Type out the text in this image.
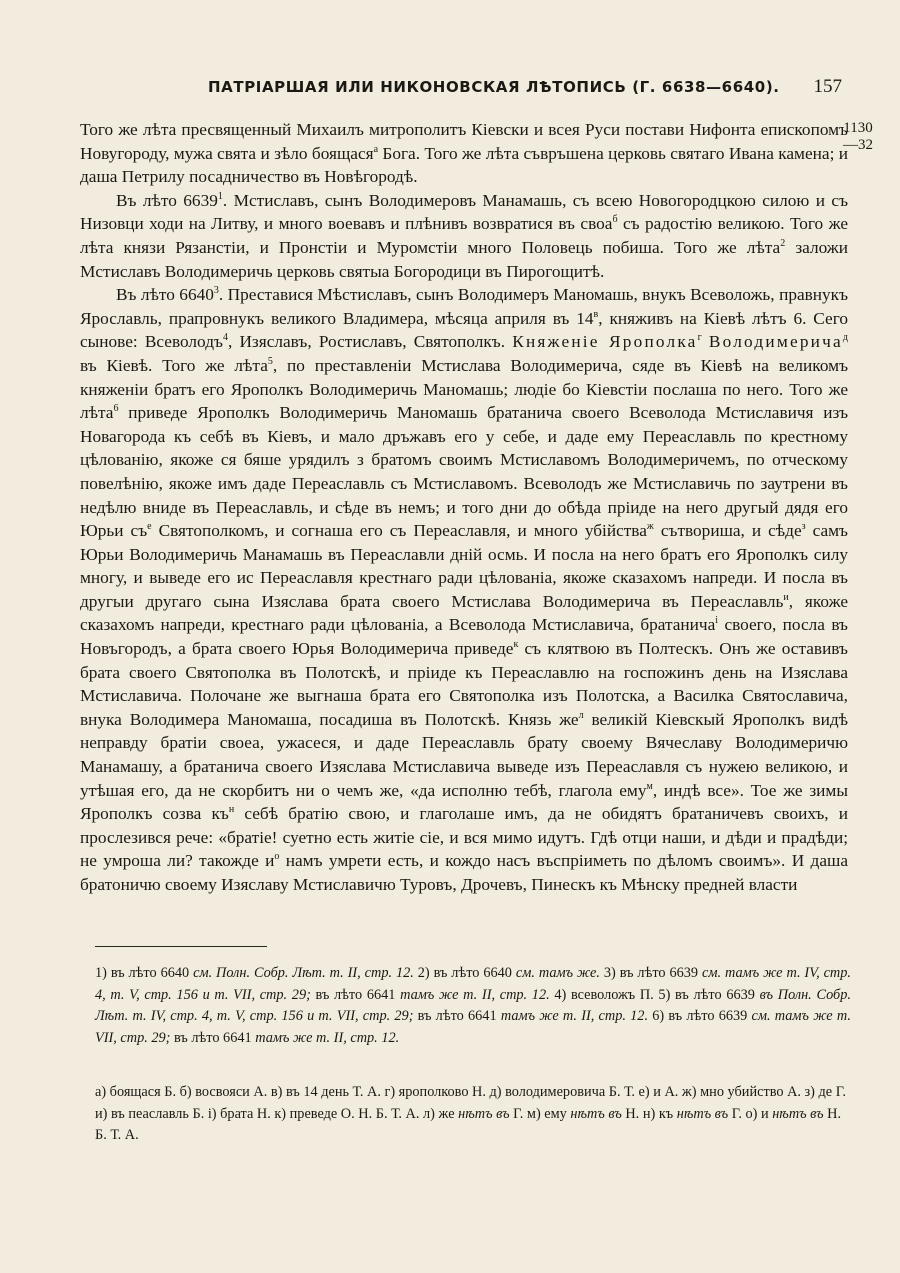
ПАТРІАРШАЯ ИЛИ НИКОНОВСКАЯ ЛѢТОПИСЬ (Г. 6638—6640). 157
1130
—32

Того же лѣта пресвященный Михаилъ митрополитъ Кіевски и всея Руси постави Нифонта епископомъ Новугороду, мужа свята и зѣло боящася$^а$ Бога. Того же лѣта съвръшена церковь святаго Ивана камена; и даша Петрилу посадничество въ Новѣгородѣ.

Въ лѣто 6639$^1$. Мстиславъ, сынъ Володимеровъ Манамашь, съ всею Новогородцкою силою и съ Низовци ходи на Литву, и много воевавъ и плѣнивъ возвратися въ своа$^б$ съ радостію великою. Того же лѣта князи Рязанстіи, и Пронстіи и Муромстіи много Половець побиша. Того же лѣта$^2$ заложи Мстиславъ Володимеричь церковь святыа Богородици въ Пирогощитѣ.

Въ лѣто 6640$^3$. Преставися Мѣстиславъ, сынъ Володимеръ Маномашь, внукъ Всеволожь, правнукъ Ярославль, прапровнукъ великого Владимера, мѣсяца априля въ $14^в$, княживъ на Кіевѣ лѣтъ 6. Сего сынове: Всеволодъ$^4$, Изяславъ, Ростиславъ, Святополкъ. Княженіе Ярополка$^г$ Володимерича$^д$ въ Кіевѣ. Того же лѣта$^5$, по преставленіи Мстислава Володимерича, сяде въ Кіевѣ на великомъ княженіи братъ его Ярополкъ Володимеричь Маномашь; людіе бо Кіевстіи послаша по него. Того же лѣта$^6$ приведе Ярополкъ Володимеричь Маномашь братанича своего Всеволода Мстиславичя изъ Новагорода къ себѣ въ Кіевъ, и мало дръжавъ его у себе, и даде ему Переаславль по крестному цѣлованію, якоже ся бяше урядилъ з братомъ своимъ Мстиславомъ Володимеричемъ, по отческому повелѣнію, якоже имъ даде Переаславль съ Мстиславомъ. Всеволодъ же Мстиславичь по заутрени въ недѣлю вниде въ Переаславль, и сѣде въ немъ; и того дни до обѣда пріиде на него другый дядя его Юрьи $съ^е$ Святополкомъ, и согнаша его съ Переаславля, и много убійства$^ж$ сътвориша, и сѣде$^з$ самъ Юрьи Володимеричь Манамашь въ Переаславли днiй осмь. И посла на него братъ его Ярополкъ силу многу, и выведе его ис Переаславля крестнаго ради цѣлованіа, якоже сказахомъ напреди. И посла въ другыи другаго сына Изяслава брата своего Мстислава Володимерича въ Переаславль$^и$, якоже сказахомъ напреди, крестнаго ради цѣлованіа, а Всеволода Мстиславича, братанича$^і$ своего, посла въ Новъгородъ, а брата своего Юрья Володимерича приведе$^к$ съ клятвою въ Полтескъ. Онъ же оставивъ брата своего Святополка въ Полотскѣ, и пріиде къ Переаславлю на госпожинъ день на Изяслава Мстиславича. Полочане же выгнаша брата его Святополка изъ Полотска, а Василка Святославича, внука Володимера Маномаша, посадиша въ Полотскѣ. Князь $же^л$ великій Кіевскый Ярополкъ видѣ неправду братіи своеа, ужасеся, и даде Переаславль брату своему Вячеславу Володимеричю Манамашу, а братанича своего Изяслава Мстиславича выведе изъ Переаславля съ нужею великою, и утѣшая его, да не скорбитъ ни о чемъ же, «да исполню тебѣ, глагола ему$^м$, индѣ все». Тое же зимы Ярополкъ созва $къ^н$ себѣ братію свою, и глаголаше имъ, да не обидятъ братаничевъ своихъ, и прослезився рече: «братіе! суетно есть житіе сіе, и вся мимо идутъ. Гдѣ отци наши, и дѣди и прадѣди; не умроша ли? такожде $и^о$ намъ умрети есть, и кождо насъ въспріиметь по дѣломъ своимъ». И даша братоничю своему Изяславу Мстиславичю Туровъ, Дрочевъ, Пинескъ къ Мѣнску предней власти

1) въ лѣто 6640 см. Полн. Собр. Лѣт. т. II, стр. 12. 2) въ лѣто 6640 см. тамъ же. 3) въ лѣто 6639 см. тамъ же т. IV, стр. 4, т. V, стр. 156 и т. VII, стр. 29; въ лѣто 6641 тамъ же т. II, стр. 12. 4) всеволожъ П. 5) въ лѣто 6639 въ Полн. Собр. Лѣт. т. IV, стр. 4, т. V, стр. 156 и т. VII, стр. 29; въ лѣто 6641 тамъ же т. II, стр. 12. 6) въ лѣто 6639 см. тамъ же т. VII, стр. 29; въ лѣто 6641 тамъ же т. II, стр. 12.

а) боящася Б. б) восвояси А. в) въ 14 день Т. А. г) ярополково Н. д) володимеровича Б. Т. е) и А. ж) мно убийство А. з) де Г. и) въ пеаславль Б. і) брата Н. к) преведе О. Н. Б. Т. А. л) же нѣтъ въ Г. м) ему нѣтъ въ Н. н) къ нѣтъ въ Г. о) и нѣтъ въ Н. Б. Т. А.
